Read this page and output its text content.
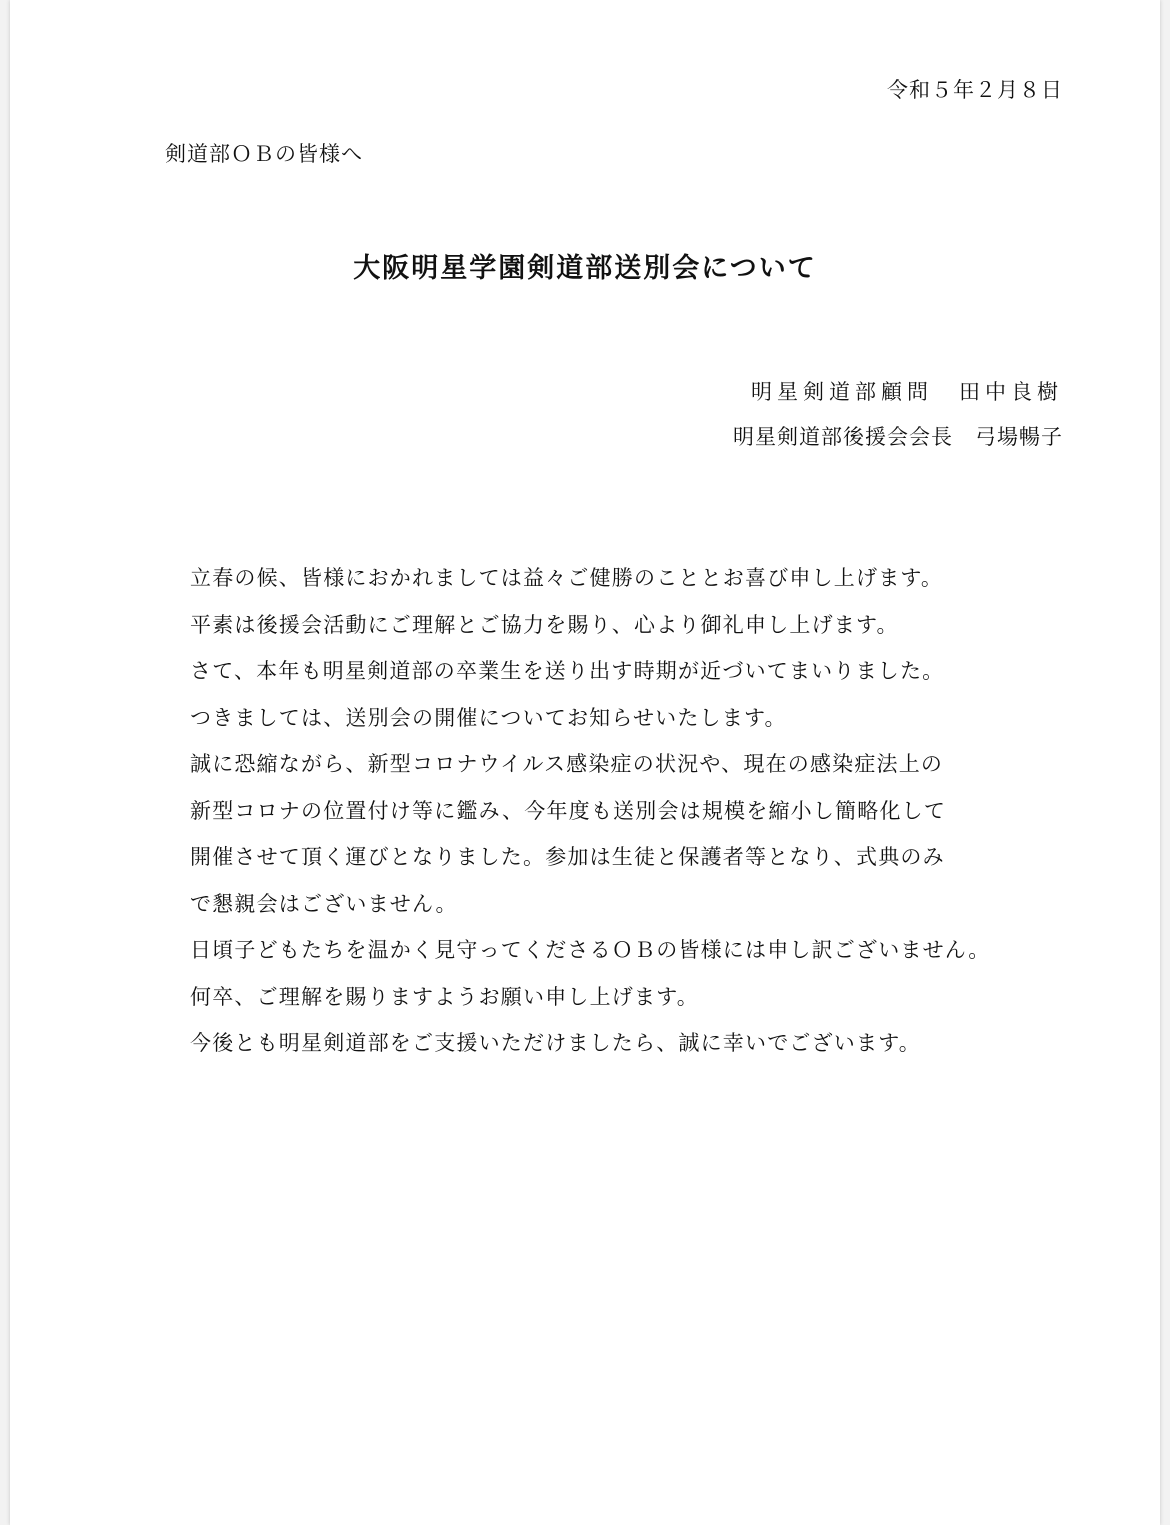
令和５年２月８日
剣道部ＯＢの皆様へ
大阪明星学園剣道部送別会について
明星剣道部顧問　田中良樹
明星剣道部後援会会長　弓場暢子
立春の候、皆様におかれましては益々ご健勝のこととお喜び申し上げます。
平素は後援会活動にご理解とご協力を賜り、心より御礼申し上げます。
さて、本年も明星剣道部の卒業生を送り出す時期が近づいてまいりました。
つきましては、送別会の開催についてお知らせいたします。
誠に恐縮ながら、新型コロナウイルス感染症の状況や、現在の感染症法上の
新型コロナの位置付け等に鑑み、今年度も送別会は規模を縮小し簡略化して
開催させて頂く運びとなりました。参加は生徒と保護者等となり、式典のみ
で懇親会はございません。
日頃子どもたちを温かく見守ってくださるＯＢの皆様には申し訳ございません。
何卒、ご理解を賜りますようお願い申し上げます。
今後とも明星剣道部をご支援いただけましたら、誠に幸いでございます。
